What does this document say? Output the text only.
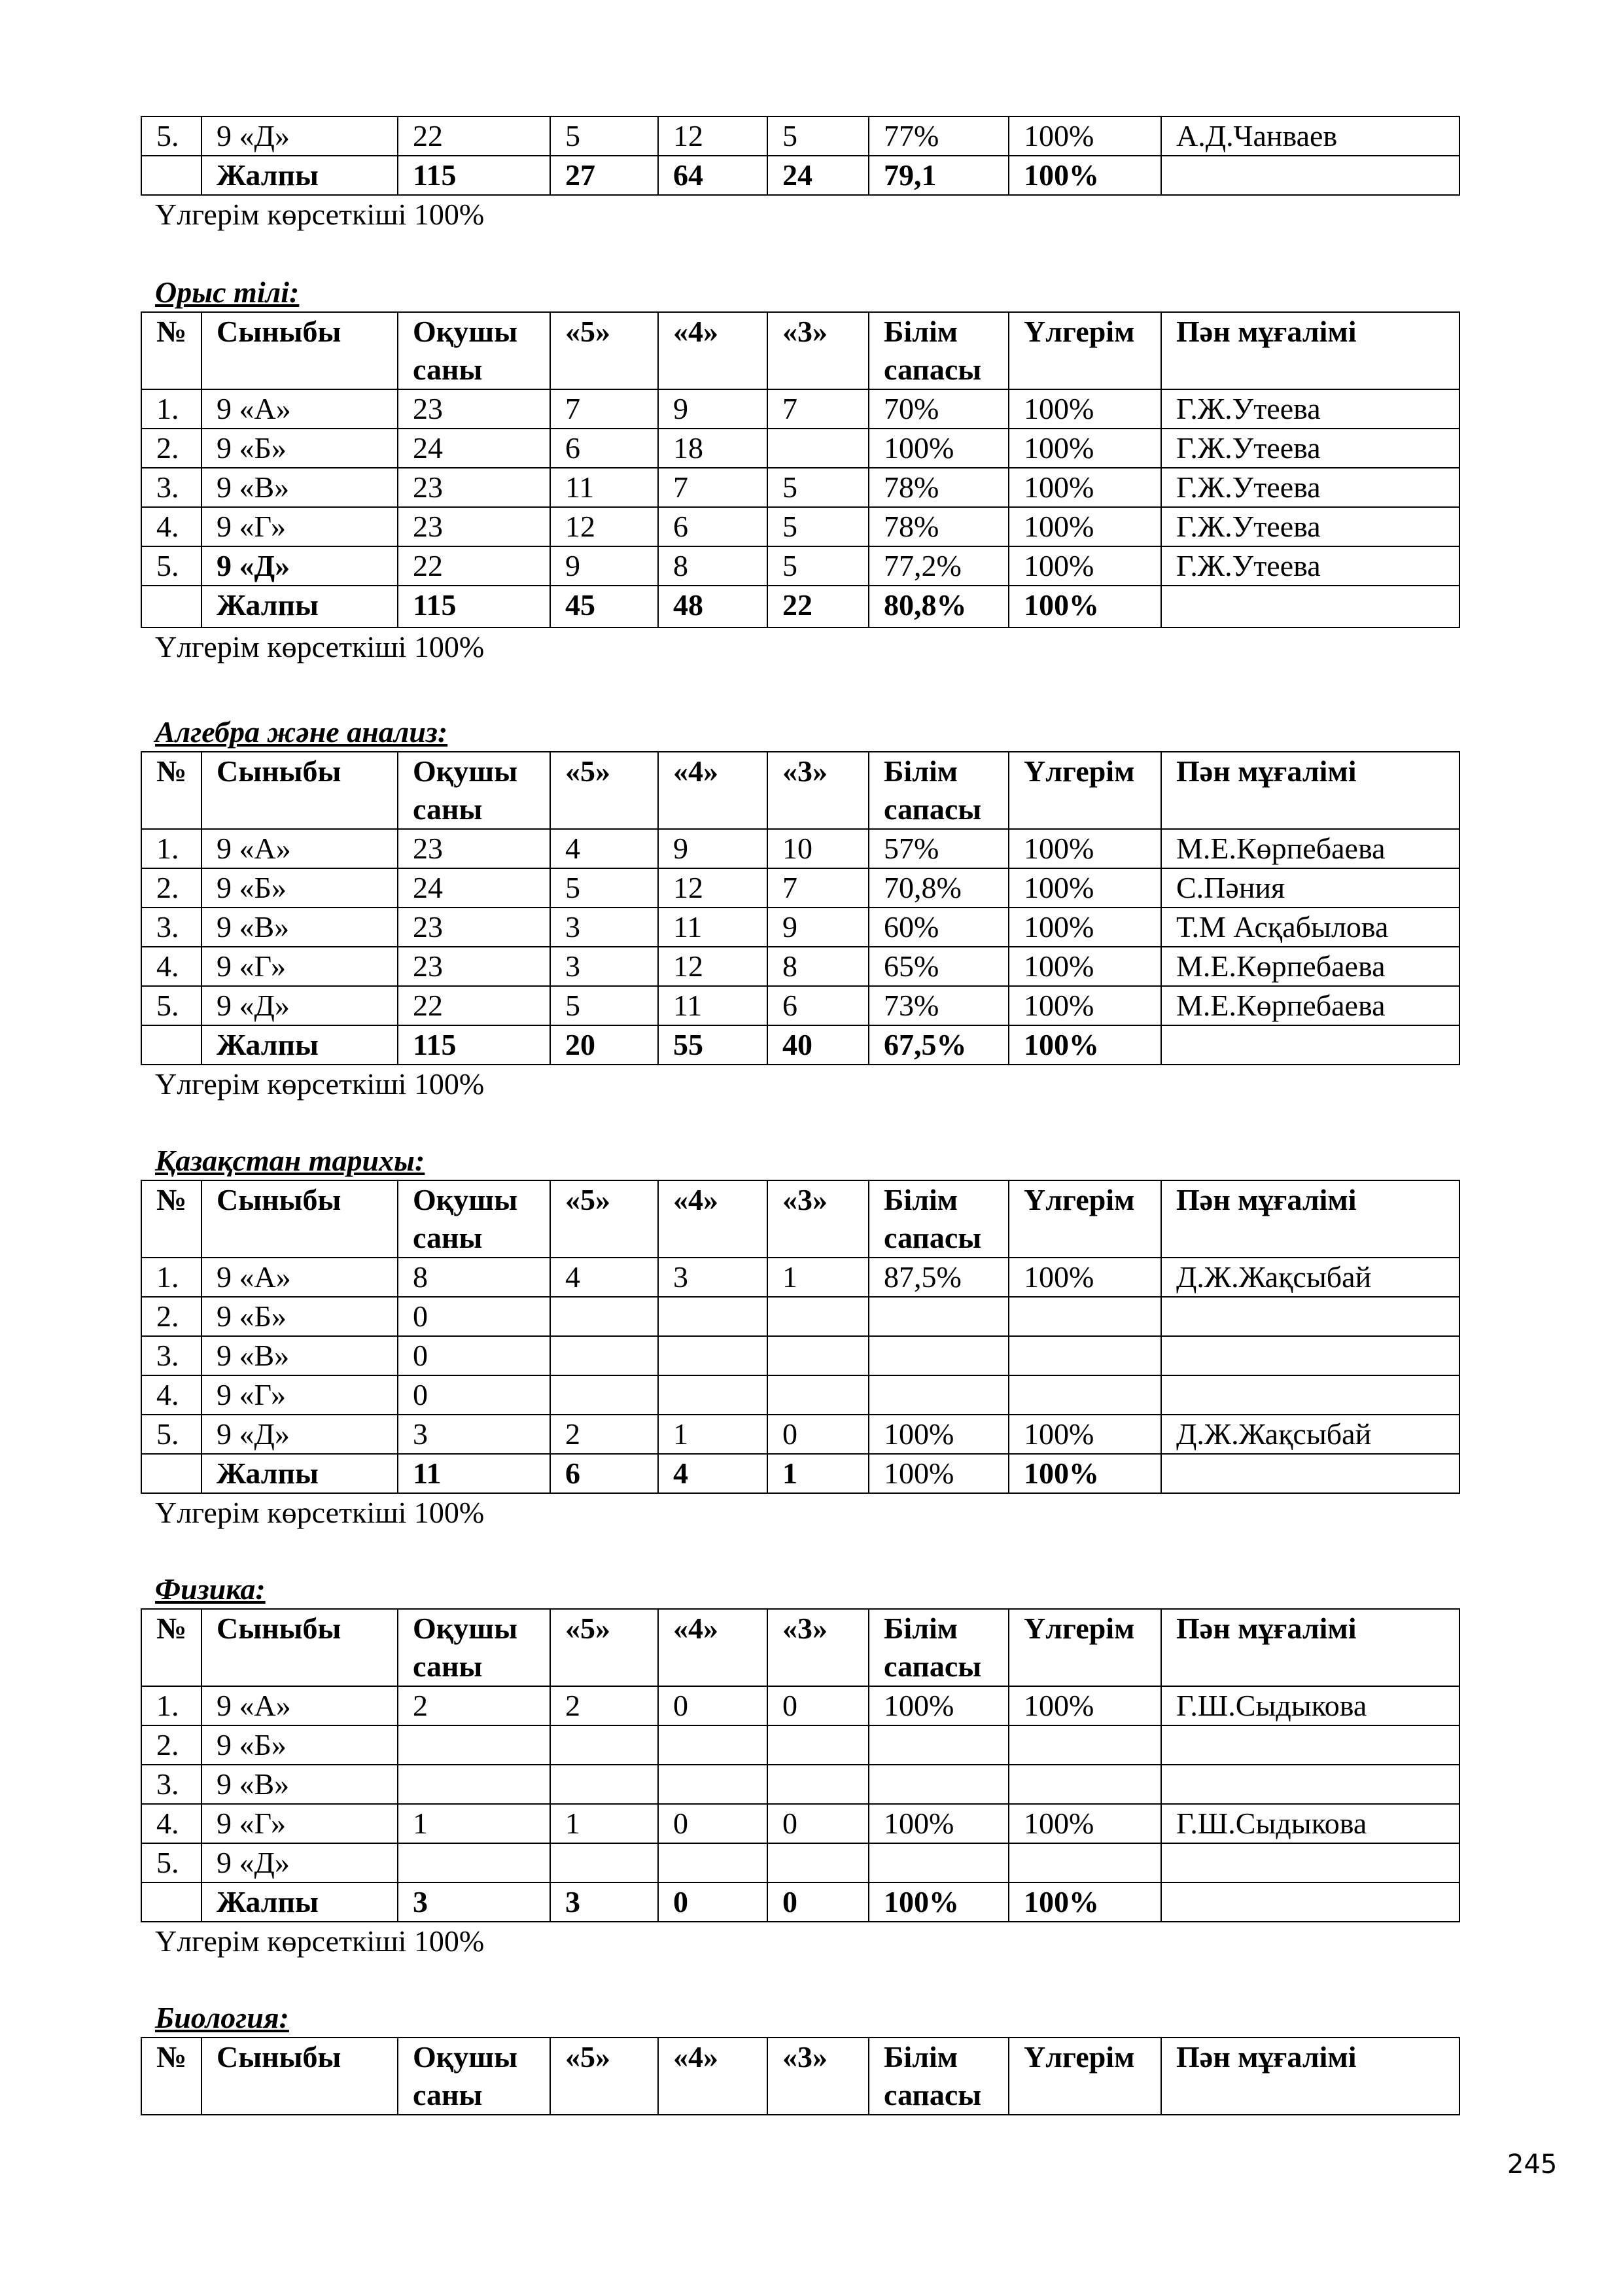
5.	9 «Д»	22	5	12	5	77%	100%	А.Д.Чанваев
	Жалпы	115	27	64	24	79,1	100%	
Үлгерім көрсеткіші 100%
Орыс тілі:
№	Сыныбы	Оқушы саны	«5»	«4»	«3»	Білім сапасы	Үлгерім	Пән мұғалімі
1.	9 «А»	23	7	9	7	70%	100%	Г.Ж.Утеева
2.	9 «Б»	24	6	18		100%	100%	Г.Ж.Утеева
3.	9 «В»	23	11	7	5	78%	100%	Г.Ж.Утеева
4.	9 «Г»	23	12	6	5	78%	100%	Г.Ж.Утеева
5.	9 «Д»	22	9	8	5	77,2%	100%	Г.Ж.Утеева
	Жалпы	115	45	48	22	80,8%	100%	
Үлгерім көрсеткіші 100%
Алгебра және анализ:
№	Сыныбы	Оқушы саны	«5»	«4»	«3»	Білім сапасы	Үлгерім	Пән мұғалімі
1.	9 «А»	23	4	9	10	57%	100%	М.Е.Көрпебаева
2.	9 «Б»	24	5	12	7	70,8%	100%	С.Пәния
3.	9 «В»	23	3	11	9	60%	100%	Т.М Асқабылова
4.	9 «Г»	23	3	12	8	65%	100%	М.Е.Көрпебаева
5.	9 «Д»	22	5	11	6	73%	100%	М.Е.Көрпебаева
	Жалпы	115	20	55	40	67,5%	100%	
Үлгерім көрсеткіші 100%
Қазақстан тарихы:
№	Сыныбы	Оқушы саны	«5»	«4»	«3»	Білім сапасы	Үлгерім	Пән мұғалімі
1.	9 «А»	8	4	3	1	87,5%	100%	Д.Ж.Жақсыбай
2.	9 «Б»	0						
3.	9 «В»	0						
4.	9 «Г»	0						
5.	9 «Д»	3	2	1	0	100%	100%	Д.Ж.Жақсыбай
	Жалпы	11	6	4	1	100%	100%	
Үлгерім көрсеткіші 100%
Физика:
№	Сыныбы	Оқушы саны	«5»	«4»	«3»	Білім сапасы	Үлгерім	Пән мұғалімі
1.	9 «А»	2	2	0	0	100%	100%	Г.Ш.Сыдыкова
2.	9 «Б»							
3.	9 «В»							
4.	9 «Г»	1	1	0	0	100%	100%	Г.Ш.Сыдыкова
5.	9 «Д»							
	Жалпы	3	3	0	0	100%	100%	
Үлгерім көрсеткіші 100%
Биология:
№	Сыныбы	Оқушы саны	«5»	«4»	«3»	Білім сапасы	Үлгерім	Пән мұғалімі
245
